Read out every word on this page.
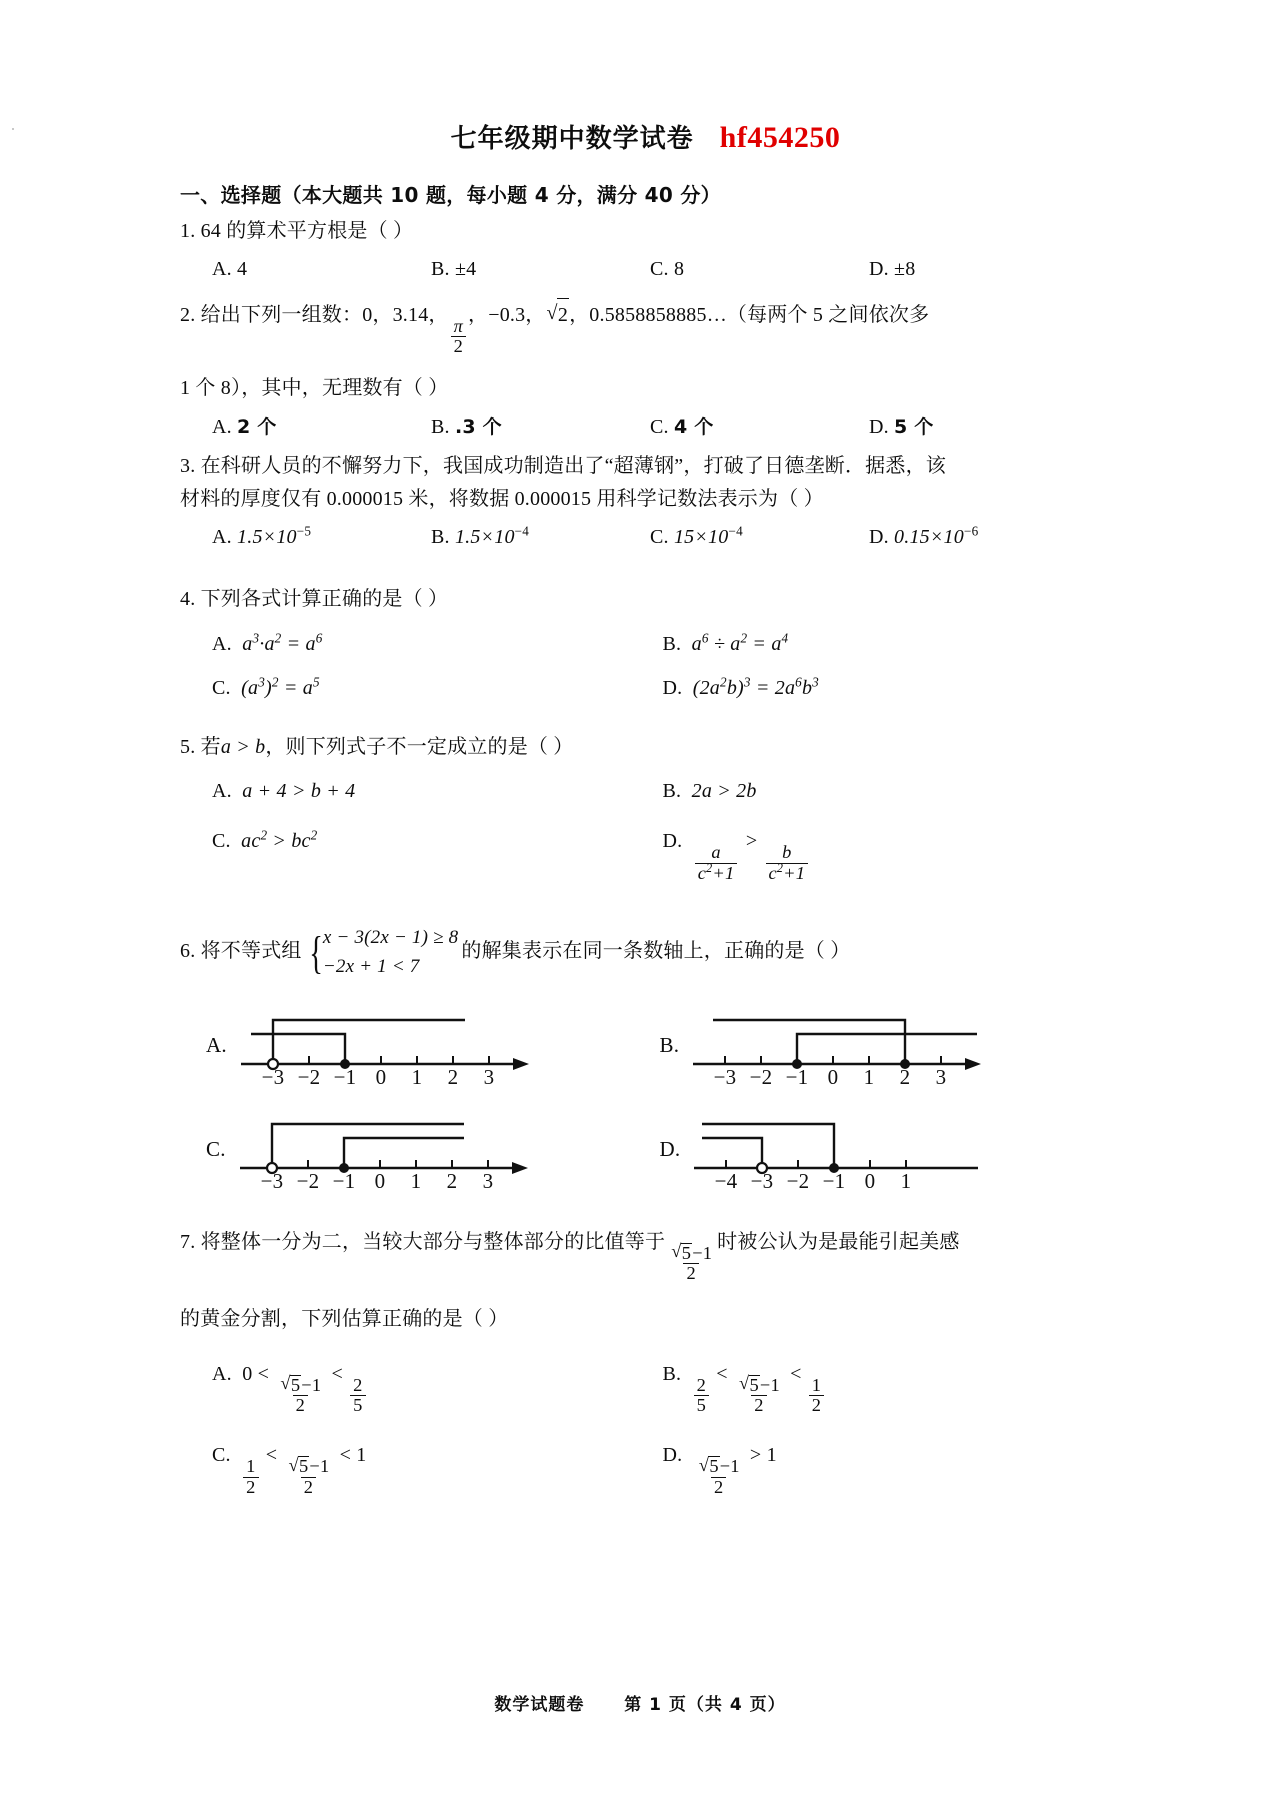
七年级期中数学试卷 hf454250
一、选择题（本大题共 10 题，每小题 4 分，满分 40 分）
1. 64 的算术平方根是（ ）
A. 4	B. ±4	C. 8	D. ±8
2. 给出下列一组数：0，3.14，
$\frac{\pi}{2}$
，−0.3， √ 2，0.5858858885…（每两个 5 之间依次多
1 个 8），其中，无理数有（ ）
A. 2 个	B. .3 个	C. 4 个	D. 5 个
3. 在科研人员的不懈努力下，我国成功制造出了“超薄钢”，打破了日德垄断．据悉，该
材料的厚度仅有 0.000015 米，将数据 0.000015 用科学记数法表示为（ ）
A. $1.5\times 10^{-5}$	B. $1.5\times 10^{-4}$	C. $15\times 10^{-4}$	D. $0.15\times 10^{-6}$
4. 下列各式计算正确的是（ ）
A.  $a^3\cdot a^2 = a^6$	B.  $a^6 \div a^2 = a^4$
C.  $(a^3)^2 = a^5$	D.  $(2a^2b)^3 = 2a^6b^3$
5. 若a > b，则下列式子不一定成立的是（ ）
A.  a + 4 > b + 4	B.  2a > 2b
C.  $ac^2 > bc^2$	D.
$\frac{a}{c^2+1}$
>
$\frac{b}{c^2+1}$
6. 将不等式组 { x − 3(2x − 1) ≥ 8
−2x + 1 < 7
的解集表示在同一条数轴上，正确的是（ ）
A.
−3 −2 −1 0 1 2 3
B.
−3 −2 −1 0 1 2 3
C.
−3 −2 −1 0 1 2 3
D.
−4 −3 −2 −1 0 1
7. 将整体一分为二，当较大部分与整体部分的比值等于
√ $\frac{5-1}{2}$
时被公认为是最能引起美感
的黄金分割，下列估算正确的是（ ）
A.  0 <
√ $\frac{5-1}{2}$
<
$\frac{2}{5}$
B.
$\frac{2}{5}$
<
√ $\frac{5-1}{2}$
<
$\frac{1}{2}$
C.
$\frac{1}{2}$
<
√ $\frac{5-1}{2}$
< 1	D.
√ $\frac{5-1}{2}$
> 1
数学试题卷 第 1 页（共 4 页）
